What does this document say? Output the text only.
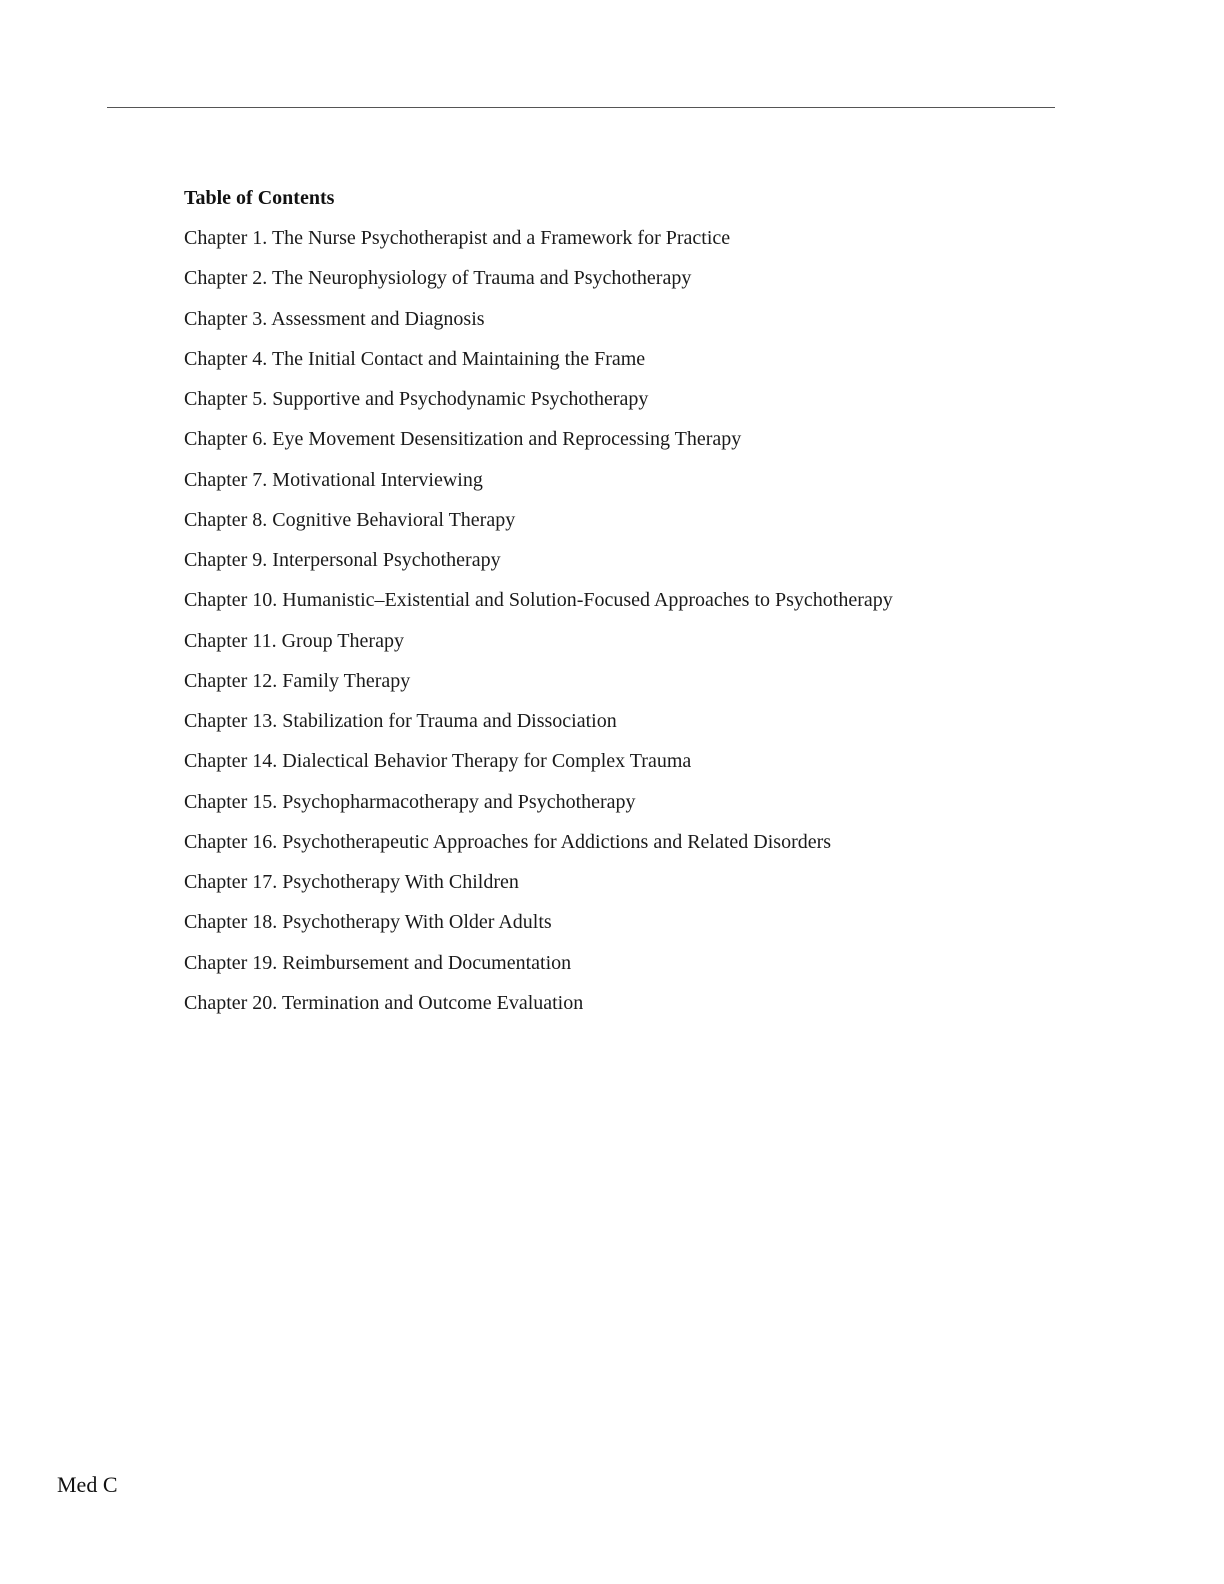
Table of Contents
Chapter 1. The Nurse Psychotherapist and a Framework for Practice
Chapter 2. The Neurophysiology of Trauma and Psychotherapy
Chapter 3. Assessment and Diagnosis
Chapter 4. The Initial Contact and Maintaining the Frame
Chapter 5. Supportive and Psychodynamic Psychotherapy
Chapter 6. Eye Movement Desensitization and Reprocessing Therapy
Chapter 7. Motivational Interviewing
Chapter 8. Cognitive Behavioral Therapy
Chapter 9. Interpersonal Psychotherapy
Chapter 10. Humanistic–Existential and Solution-Focused Approaches to Psychotherapy
Chapter 11. Group Therapy
Chapter 12. Family Therapy
Chapter 13. Stabilization for Trauma and Dissociation
Chapter 14. Dialectical Behavior Therapy for Complex Trauma
Chapter 15. Psychopharmacotherapy and Psychotherapy
Chapter 16. Psychotherapeutic Approaches for Addictions and Related Disorders
Chapter 17. Psychotherapy With Children
Chapter 18. Psychotherapy With Older Adults
Chapter 19. Reimbursement and Documentation
Chapter 20. Termination and Outcome Evaluation
Med C
